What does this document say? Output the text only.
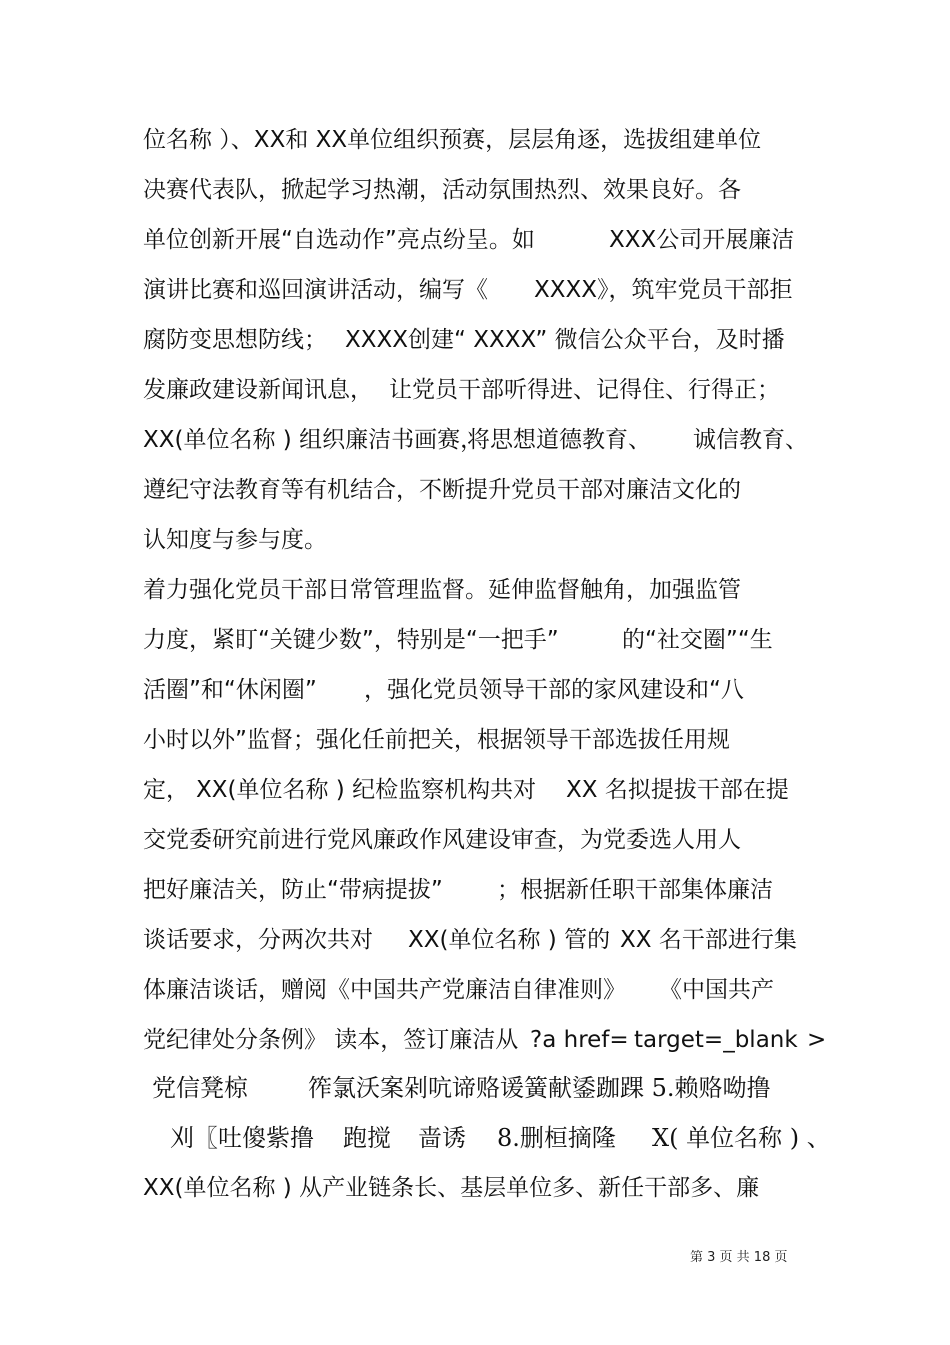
位名称 ）、XX和 XX单位组织预赛，层层角逐，选拔组建单位
决赛代表队，掀起学习热潮，活动氛围热烈、效果良好。各
单位创新开展“自选动作”亮点纷呈。如	XXX公司开展廉洁
演讲比赛和巡回演讲活动，编写《 XXXX》，筑牢党员干部拒
腐防变思想防线； XXXX创建“ XXXX” 微信公众平台，及时播
发廉政建设新闻讯息， 让党员干部听得进、 记得住、行得正；
XX(单位名称 ) 组织廉洁书画赛，
将思想道德教育、 诚信教育、
遵纪守法教育等有机结合，不断提升党员干部对廉洁文化的
认知度与参与度。
着力强化党员干部日常管理监督。延伸监督触角，加强监管
力度，紧盯“关键少数”，特别是“一把手”	的“社交圈”“生
活圈”和“休闲圈” ，强化党员领导干部的家风建设和“八
小时以外”监督；强化任前把关，根据领导干部选拔任用规
定， XX(单位名称 ) 纪检监察机构共对 XX 名拟提拔干部在提
交党委研究前进行党风廉政作风建设审查，为党委选人用人
把好廉洁关，防止“带病提拔” ；根据新任职干部集体廉洁
谈话要求，分两次共对 XX(单位名称 ) 管的 XX 名干部进行集
体廉洁谈话，赠阅《中国共产党廉洁自律准则》 《中国共产
党纪律处分条例》 读本，签订廉洁从 ?a href= target=_blank >
党信凳椋	筰氯沃案剁吭谛赂谖簧献鋈跏踝 5.赖赂呦撸
刈〖吐傻紫撸 跑搅 啬诱 8.删桓摘隆 X( 单位名称 ) 、
XX(单位名称 ) 从产业链条长、基层单位多、新任干部多、廉
第 3 页 共 18 页
